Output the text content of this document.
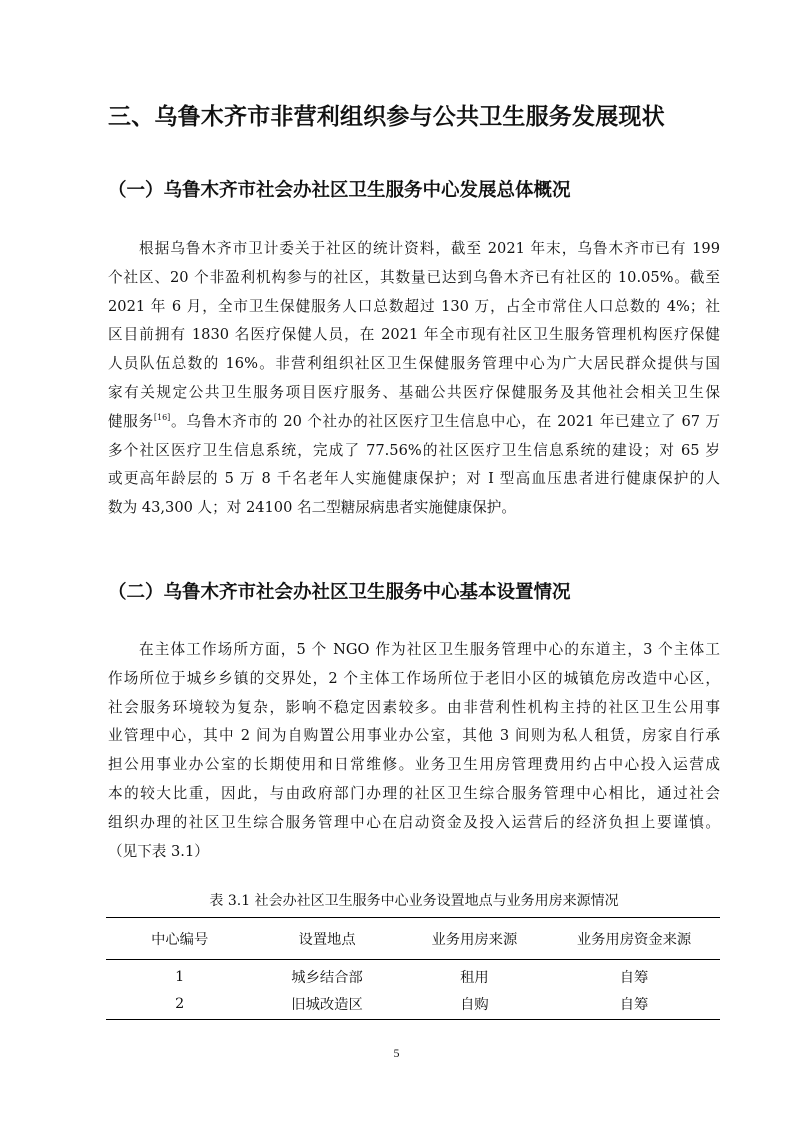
三、乌鲁木齐市非营利组织参与公共卫生服务发展现状
（一）乌鲁木齐市社会办社区卫生服务中心发展总体概况
根据乌鲁木齐市卫计委关于社区的统计资料，截至 2021 年末，乌鲁木齐市已有 199
个社区、20 个非盈利机构参与的社区，其数量已达到乌鲁木齐已有社区的 10.05%。截至
2021 年 6 月，全市卫生保健服务人口总数超过 130 万，占全市常住人口总数的 4%；社
区目前拥有 1830 名医疗保健人员，在 2021 年全市现有社区卫生服务管理机构医疗保健
人员队伍总数的 16%。非营利组织社区卫生保健服务管理中心为广大居民群众提供与国
家有关规定公共卫生服务项目医疗服务、基础公共医疗保健服务及其他社会相关卫生保
健服务[16]。乌鲁木齐市的 20 个社办的社区医疗卫生信息中心，在 2021 年已建立了 67 万
多个社区医疗卫生信息系统，完成了 77.56%的社区医疗卫生信息系统的建设；对 65 岁
或更高年龄层的 5 万 8 千名老年人实施健康保护；对 I 型高血压患者进行健康保护的人
数为 43,300 人；对 24100 名二型糖尿病患者实施健康保护。
（二）乌鲁木齐市社会办社区卫生服务中心基本设置情况
在主体工作场所方面，5 个 NGO 作为社区卫生服务管理中心的东道主，3 个主体工
作场所位于城乡乡镇的交界处，2 个主体工作场所位于老旧小区的城镇危房改造中心区，
社会服务环境较为复杂，影响不稳定因素较多。由非营利性机构主持的社区卫生公用事
业管理中心，其中 2 间为自购置公用事业办公室，其他 3 间则为私人租赁，房家自行承
担公用事业办公室的长期使用和日常维修。业务卫生用房管理费用约占中心投入运营成
本的较大比重，因此，与由政府部门办理的社区卫生综合服务管理中心相比，通过社会
组织办理的社区卫生综合服务管理中心在启动资金及投入运营后的经济负担上要谨慎。
（见下表 3.1）
表 3.1 社会办社区卫生服务中心业务设置地点与业务用房来源情况
中心编号	设置地点	业务用房来源	业务用房资金来源
1	城乡结合部	租用	自筹
2	旧城改造区	自购	自筹
5
